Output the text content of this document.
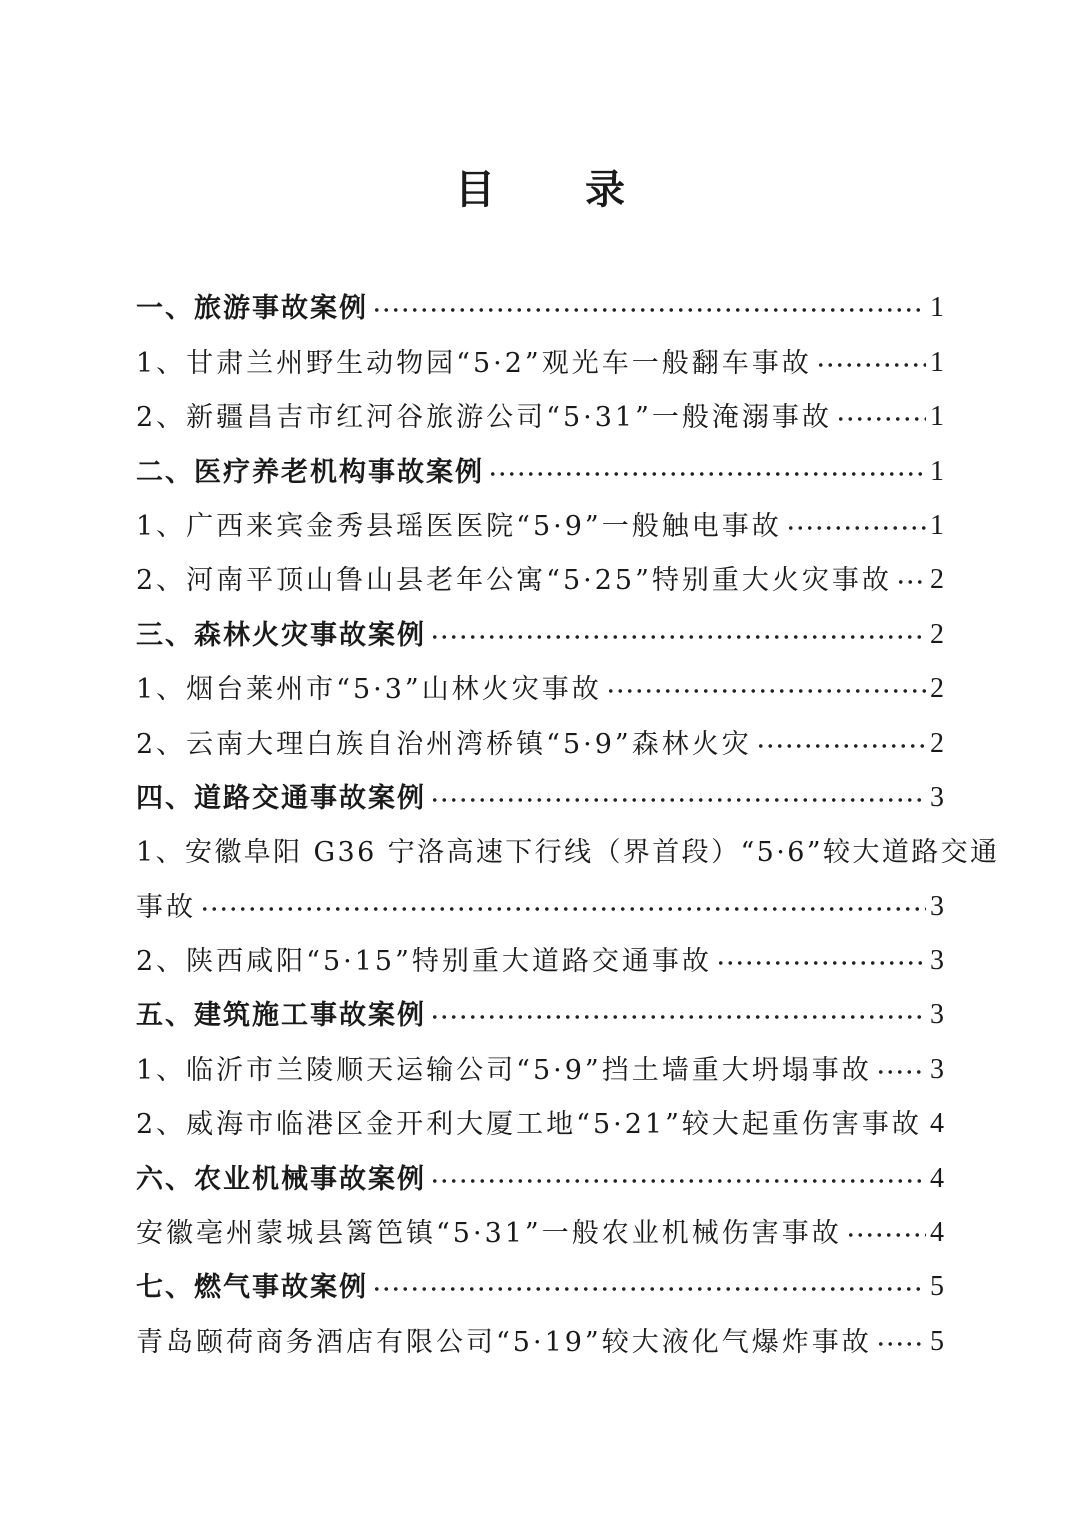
目 录
一、旅游事故案例	1
1、甘肃兰州野生动物园“5·2”观光车一般翻车事故	1
2、新疆昌吉市红河谷旅游公司“5·31”一般淹溺事故	1
二、医疗养老机构事故案例	1
1、广西来宾金秀县瑶医医院“5·9”一般触电事故	1
2、河南平顶山鲁山县老年公寓“5·25”特别重大火灾事故 2
三、森林火灾事故案例	2
1、烟台莱州市“5·3”山林火灾事故	2
2、云南大理白族自治州湾桥镇“5·9”森林火灾	2
四、道路交通事故案例	3
1、安徽阜阳 G36 宁洛高速下行线（界首段）“5·6”较大道路交通
事故	3
2、陕西咸阳“5·15”特别重大道路交通事故	3
五、建筑施工事故案例	3
1、临沂市兰陵顺天运输公司“5·9”挡土墙重大坍塌事故 3
2、威海市临港区金开利大厦工地“5·21”较大起重伤害事故 4
六、农业机械事故案例	4
安徽亳州蒙城县篱笆镇“5·31”一般农业机械伤害事故	4
七、燃气事故案例	5
青岛颐荷商务酒店有限公司“5·19”较大液化气爆炸事故 5
